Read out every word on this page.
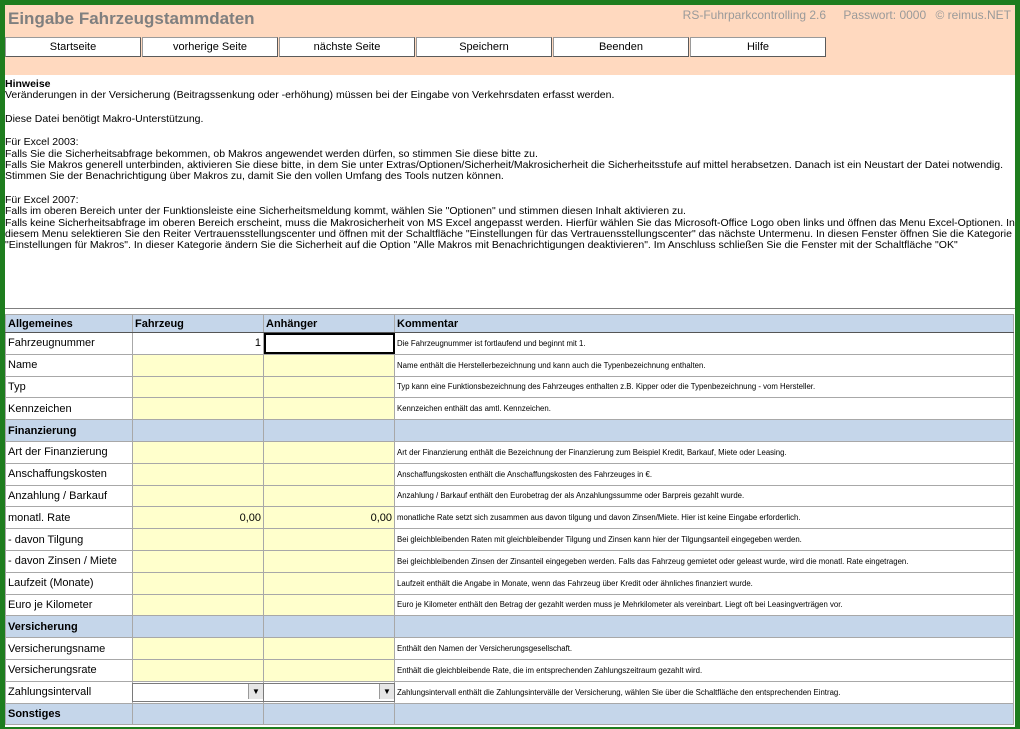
Eingabe Fahrzeugstammdaten	RS-Fuhrparkcontrolling 2.6 Passwort: 0000 © reimus.NET
Startseite	vorherige Seite	nächste Seite	Speichern	Beenden	Hilfe

Hinweise

Veränderungen in der Versicherung (Beitragssenkung oder -erhöhung) müssen bei der Eingabe von Verkehrsdaten erfasst werden.

Diese Datei benötigt Makro-Unterstützung.

Für Excel 2003:

Falls Sie die Sicherheitsabfrage bekommen, ob Makros angewendet werden dürfen, so stimmen Sie diese bitte zu.

Falls Sie Makros generell unterbinden, aktivieren Sie diese bitte, in dem Sie unter Extras/Optionen/Sicherheit/Makrosicherheit die Sicherheitsstufe auf mittel herabsetzen. Danach ist ein Neustart der Datei notwendig. Stimmen Sie der Benachrichtigung über Makros zu, damit Sie den vollen Umfang des Tools nutzen können.

Für Excel 2007:

Falls im oberen Bereich unter der Funktionsleiste eine Sicherheitsmeldung kommt, wählen Sie "Optionen" und stimmen diesen Inhalt aktivieren zu.

Falls keine Sicherheitsabfrage im oberen Bereich erscheint, muss die Makrosicherheit von MS Excel angepasst werden. Hierfür wählen Sie das Microsoft-Office Logo oben links und öffnen das Menu Excel-Optionen. In diesem Menu selektieren Sie den Reiter Vertrauensstellungscenter und öffnen mit der Schaltfläche "Einstellungen für das Vertrauensstellungscenter" das nächste Untermenu. In diesen Fenster öffnen Sie die Kategorie "Einstellungen für Makros". In dieser Kategorie ändern Sie die Sicherheit auf die Option "Alle Makros mit Benachrichtigungen deaktivieren". Im Anschluss schließen Sie die Fenster mit der Schaltfläche "OK"

Allgemeines	Fahrzeug	Anhänger	Kommentar
Fahrzeugnummer	1		Die Fahrzeugnummer ist fortlaufend und beginnt mit 1.
Name			Name enthält die Herstellerbezeichnung und kann auch die Typenbezeichnung enthalten.
Typ			Typ kann eine Funktionsbezeichnung des Fahrzeuges enthalten z.B. Kipper oder die Typenbezeichnung - vom Hersteller.
Kennzeichen			Kennzeichen enthält das amtl. Kennzeichen.
Finanzierung			
Art der Finanzierung			Art der Finanzierung enthält die Bezeichnung der Finanzierung zum Beispiel Kredit, Barkauf, Miete oder Leasing.
Anschaffungskosten			Anschaffungskosten enthält die Anschaffungskosten des Fahrzeuges in €.
Anzahlung / Barkauf			Anzahlung / Barkauf enthält den Eurobetrag der als Anzahlungssumme oder Barpreis gezahlt wurde.
monatl. Rate	0,00	0,00	monatliche Rate setzt sich zusammen aus davon tilgung und davon Zinsen/Miete. Hier ist keine Eingabe erforderlich.
- davon Tilgung			Bei gleichbleibenden Raten mit gleichbleibender Tilgung und Zinsen kann hier der Tilgungsanteil eingegeben werden.
- davon Zinsen / Miete			Bei gleichbleibenden Zinsen der Zinsanteil eingegeben werden. Falls das Fahrzeug gemietet oder geleast wurde, wird die monatl. Rate eingetragen.
Laufzeit (Monate)			Laufzeit enthält die Angabe in Monate, wenn das Fahrzeug über Kredit oder ähnliches finanziert wurde.
Euro je Kilometer			Euro je Kilometer enthält den Betrag der gezahlt werden muss je Mehrkilometer als vereinbart. Liegt oft bei Leasingverträgen vor.
Versicherung			
Versicherungsname			Enthält den Namen der Versicherungsgesellschaft.
Versicherungsrate			Enthält die gleichbleibende Rate, die im entsprechenden Zahlungszeitraum gezahlt wird.
Zahlungsintervall	▼	▼	Zahlungsintervall enthält die Zahlungsintervälle der Versicherung, wählen Sie über die Schaltfläche den entsprechenden Eintrag.
Sonstiges			
